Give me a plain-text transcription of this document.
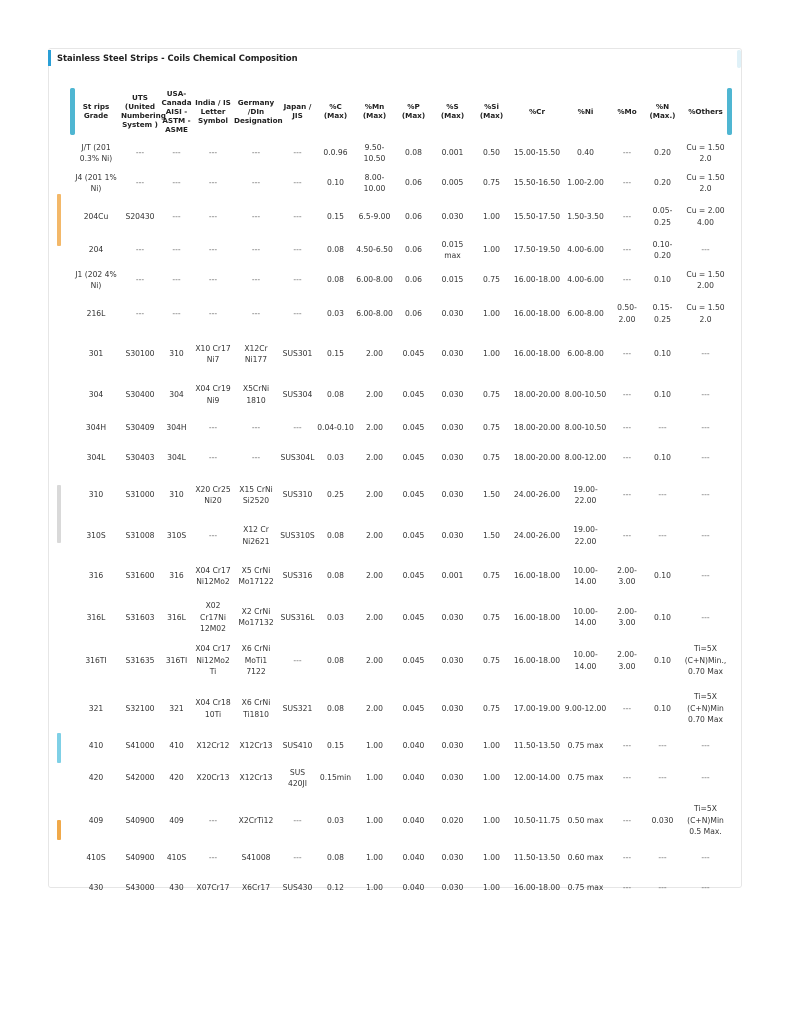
Stainless Steel Strips - Coils Chemical Composition
St rips Grade	UTS (United Numbering System )	USA-Canada AISI - ASTM - ASME	India / IS Letter Symbol	Germany /DIn Designation	Japan / JIS	%C (Max)	%Mn (Max)	%P (Max)	%S (Max)	%Si (Max)	%Cr	%Ni	%Mo	%N (Max.)	%Others
J/T (201 0.3% Ni)	---	---	---	---	---	0.0.96	9.50-10.50	0.08	0.001	0.50	15.00-15.50	0.40	---	0.20	Cu = 1.50 2.0
J4 (201 1% Ni)	---	---	---	---	---	0.10	8.00-10.00	0.06	0.005	0.75	15.50-16.50	1.00-2.00	---	0.20	Cu = 1.50 2.0
204Cu	S20430	---	---	---	---	0.15	6.5-9.00	0.06	0.030	1.00	15.50-17.50	1.50-3.50	---	0.05-0.25	Cu = 2.00 4.00
204	---	---	---	---	---	0.08	4.50-6.50	0.06	0.015 max	1.00	17.50-19.50	4.00-6.00	---	0.10-0.20	---
J1 (202 4% Ni)	---	---	---	---	---	0.08	6.00-8.00	0.06	0.015	0.75	16.00-18.00	4.00-6.00	---	0.10	Cu = 1.50 2.00
216L	---	---	---	---	---	0.03	6.00-8.00	0.06	0.030	1.00	16.00-18.00	6.00-8.00	0.50-2.00	0.15-0.25	Cu = 1.50 2.0
301	S30100	310	X10 Cr17 Ni7	X12Cr Ni177	SUS301	0.15	2.00	0.045	0.030	1.00	16.00-18.00	6.00-8.00	---	0.10	---
304	S30400	304	X04 Cr19 Ni9	X5CrNi 1810	SUS304	0.08	2.00	0.045	0.030	0.75	18.00-20.00	8.00-10.50	---	0.10	---
304H	S30409	304H	---	---	---	0.04-0.10	2.00	0.045	0.030	0.75	18.00-20.00	8.00-10.50	---	---	---
304L	S30403	304L	---	---	SUS304L	0.03	2.00	0.045	0.030	0.75	18.00-20.00	8.00-12.00	---	0.10	---
310	S31000	310	X20 Cr25 Ni20	X15 CrNi Si2520	SUS310	0.25	2.00	0.045	0.030	1.50	24.00-26.00	19.00-22.00	---	---	---
310S	S31008	310S	---	X12 Cr Ni2621	SUS310S	0.08	2.00	0.045	0.030	1.50	24.00-26.00	19.00-22.00	---	---	---
316	S31600	316	X04 Cr17 Ni12Mo2	X5 CrNi Mo17122	SUS316	0.08	2.00	0.045	0.001	0.75	16.00-18.00	10.00-14.00	2.00-3.00	0.10	---
316L	S31603	316L	X02 Cr17Ni 12M02	X2 CrNi Mo17132	SUS316L	0.03	2.00	0.045	0.030	0.75	16.00-18.00	10.00-14.00	2.00-3.00	0.10	---
316TI	S31635	316TI	X04 Cr17 Ni12Mo2Ti	X6 CrNi MoTi1 7122	---	0.08	2.00	0.045	0.030	0.75	16.00-18.00	10.00-14.00	2.00-3.00	0.10	Ti=5X (C+N)Min., 0.70 Max
321	S32100	321	X04 Cr18 10Ti	X6 CrNi Ti1810	SUS321	0.08	2.00	0.045	0.030	0.75	17.00-19.00	9.00-12.00	---	0.10	Ti=5X (C+N)Min 0.70 Max
410	S41000	410	X12Cr12	X12Cr13	SUS410	0.15	1.00	0.040	0.030	1.00	11.50-13.50	0.75 max	---	---	---
420	S42000	420	X20Cr13	X12Cr13	SUS 420JI	0.15min	1.00	0.040	0.030	1.00	12.00-14.00	0.75 max	---	---	---
409	S40900	409	---	X2CrTi12	---	0.03	1.00	0.040	0.020	1.00	10.50-11.75	0.50 max	---	0.030	Ti=5X (C+N)Min 0.5 Max.
410S	S40900	410S	---	S41008	---	0.08	1.00	0.040	0.030	1.00	11.50-13.50	0.60 max	---	---	---
430	S43000	430	X07Cr17	X6Cr17	SUS430	0.12	1.00	0.040	0.030	1.00	16.00-18.00	0.75 max	---	---	---
